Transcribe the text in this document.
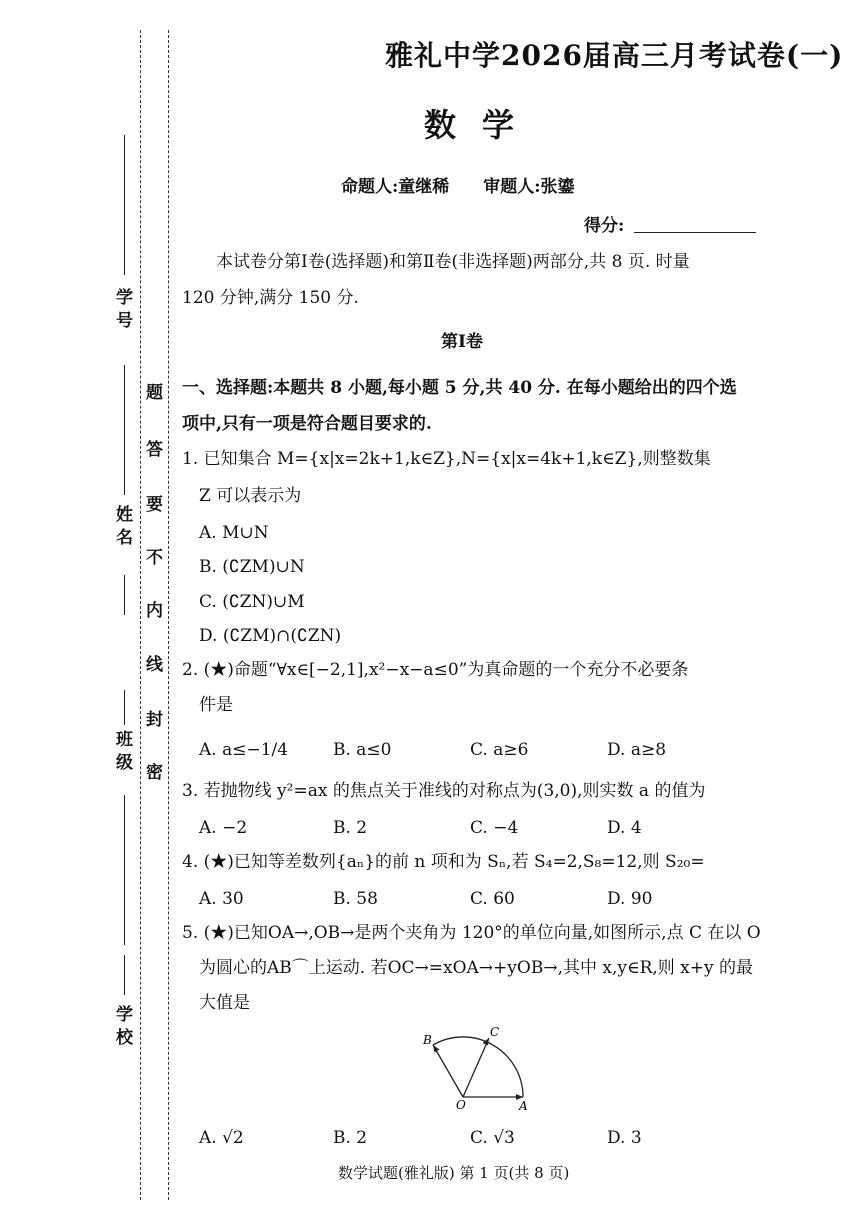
学 号
姓 名
班 级
学 校
题
答
要
不
内
线
封
密
雅礼中学2026届高三月考试卷(一)
数学
命题人:童继稀 审题人:张鎏
得分:
本试卷分第Ⅰ卷(选择题)和第Ⅱ卷(非选择题)两部分,共 8 页. 时量
120 分钟,满分 150 分.
第Ⅰ卷
一、选择题:本题共 8 小题,每小题 5 分,共 40 分. 在每小题给出的四个选
项中,只有一项是符合题目要求的.
1. 已知集合 M={x|x=2k+1,k∈Z},N={x|x=4k+1,k∈Z},则整数集
Z 可以表示为
A. M∪N
B. (∁ZM)∪N
C. (∁ZN)∪M
D. (∁ZM)∩(∁ZN)
2. (★)命题“∀x∈[−2,1],x²−x−a≤0”为真命题的一个充分不必要条
件是
A. a≤−1/4	B. a≤0	C. a≥6	D. a≥8
3. 若抛物线 y²=ax 的焦点关于准线的对称点为(3,0),则实数 a 的值为
A. −2	B. 2	C. −4	D. 4
4. (★)已知等差数列{aₙ}的前 n 项和为 Sₙ,若 S₄=2,S₈=12,则 S₂₀=
A. 30	B. 58	C. 60	D. 90
5. (★)已知OA→,OB→是两个夹角为 120°的单位向量,如图所示,点 C 在以 O
为圆心的AB⌒上运动. 若OC→=xOA→+yOB→,其中 x,y∈R,则 x+y 的最
大值是
B
C
O	A
A. √2	B. 2	C. √3	D. 3
数学试题(雅礼版) 第 1 页(共 8 页)
